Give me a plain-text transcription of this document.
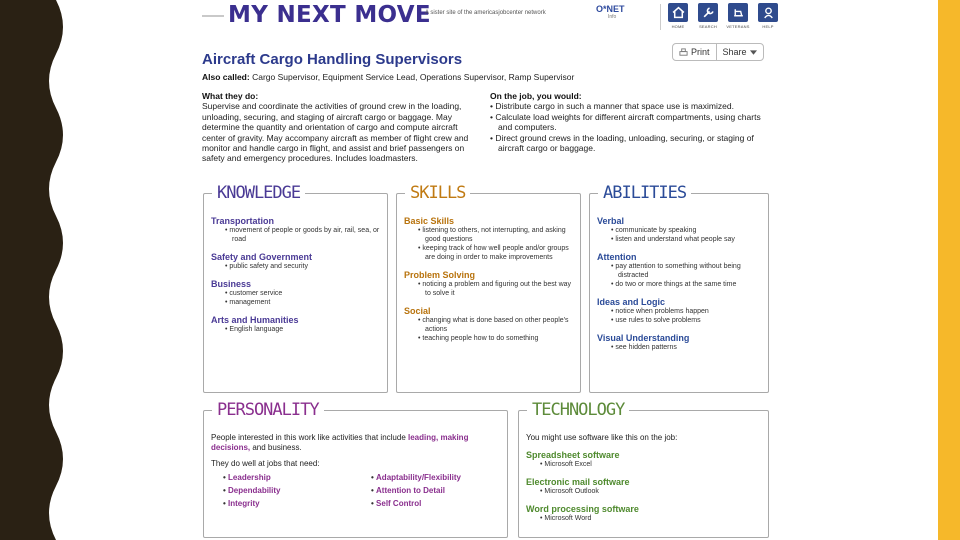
MY NEXT MOVE
A sister site of the americasjobcenter network	O*NET
Info
HOME	SEARCH VETERANS	HELP
Aircraft Cargo Handling Supervisors	Print Share
Also called: Cargo Supervisor, Equipment Service Lead, Operations Supervisor, Ramp Supervisor
What they do:

Supervise and coordinate the activities of ground crew in the loading, unloading, securing, and staging of aircraft cargo or baggage. May determine the quantity and orientation of cargo and compute aircraft center of gravity. May accompany aircraft as member of flight crew and monitor and handle cargo in flight, and assist and brief passengers on safety and emergency procedures. Includes loadmasters.

On the job, you would:
• Distribute cargo in such a manner that space use is maximized.
• Calculate load weights for different aircraft compartments, using charts and computers.
• Direct ground crews in the loading, unloading, securing, or staging of aircraft cargo or baggage.
KNOWLEDGE
Transportation
• movement of people or goods by air, rail, sea, or road
Safety and Government
• public safety and security
Business
• customer service
• management
Arts and Humanities
• English language
SKILLS
Basic Skills
• listening to others, not interrupting, and asking good questions
• keeping track of how well people and/or groups are doing in order to make improvements
Problem Solving
• noticing a problem and figuring out the best way to solve it
Social
• changing what is done based on other people's actions
• teaching people how to do something
ABILITIES
Verbal
• communicate by speaking
• listen and understand what people say
Attention
• pay attention to something without being distracted
• do two or more things at the same time
Ideas and Logic
• notice when problems happen
• use rules to solve problems
Visual Understanding
• see hidden patterns
PERSONALITY

People interested in this work like activities that include leading, making decisions, and business.

They do well at jobs that need:

• Leadership	• Adaptability/Flexibility
• Dependability	• Attention to Detail
• Integrity	• Self Control
TECHNOLOGY

You might use software like this on the job:

Spreadsheet software
• Microsoft Excel
Electronic mail software
• Microsoft Outlook
Word processing software
• Microsoft Word
